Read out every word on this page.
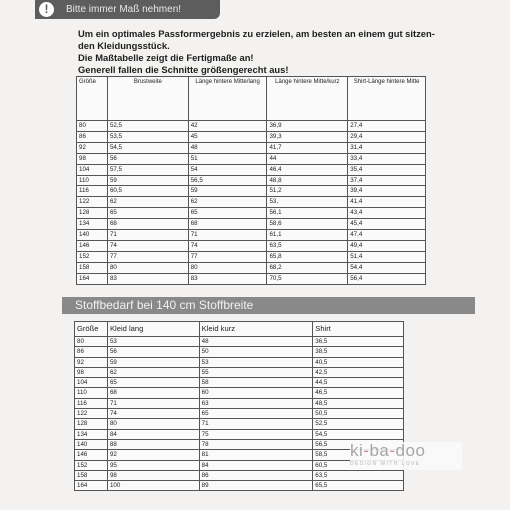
!	Bitte immer Maß nehmen!
Um ein optimales Passformergebnis zu erzielen, am besten an einem gut sitzen-
den Kleidungsstück.
Die Maßtabelle zeigt die Fertigmaße an!
Generell fallen die Schnitte größengerecht aus!
Größe	Brustweite	Länge hintere Mitte/lang	Länge hintere Mitte/kurz	Shirt-Länge hintere Mitte
80	52,5	42	36,9	27,4
86	53,5	45	39,3	29,4
92	54,5	48	41,7	31,4
98	56	51	44	33,4
104	57,5	54	46,4	35,4
110	59	56,5	48,8	37,4
116	60,5	59	51,2	39,4
122	62	62	53,	41,4
128	65	65	56,1	43,4
134	68	68	58,6	45,4
140	71	71	61,1	47,4
146	74	74	63,5	49,4
152	77	77	65,8	51,4
158	80	80	68,2	54,4
164	83	83	70,5	56,4
Stoffbedarf bei 140 cm Stoffbreite
Größe	Kleid lang	Kleid kurz	Shirt
80	53	48	36,5
86	56	50	38,5
92	59	53	40,5
98	62	55	42,5
104	65	58	44,5
110	68	60	46,5
116	71	63	48,5
122	74	65	50,5
128	80	71	52,5
134	84	75	54,5
140	88	78	56,5
146	92	81	58,5
152	95	84	60,5
158	98	86	63,5
164	100	89	65,5
ki-ba-doo
DESIGN WITH LOVE
